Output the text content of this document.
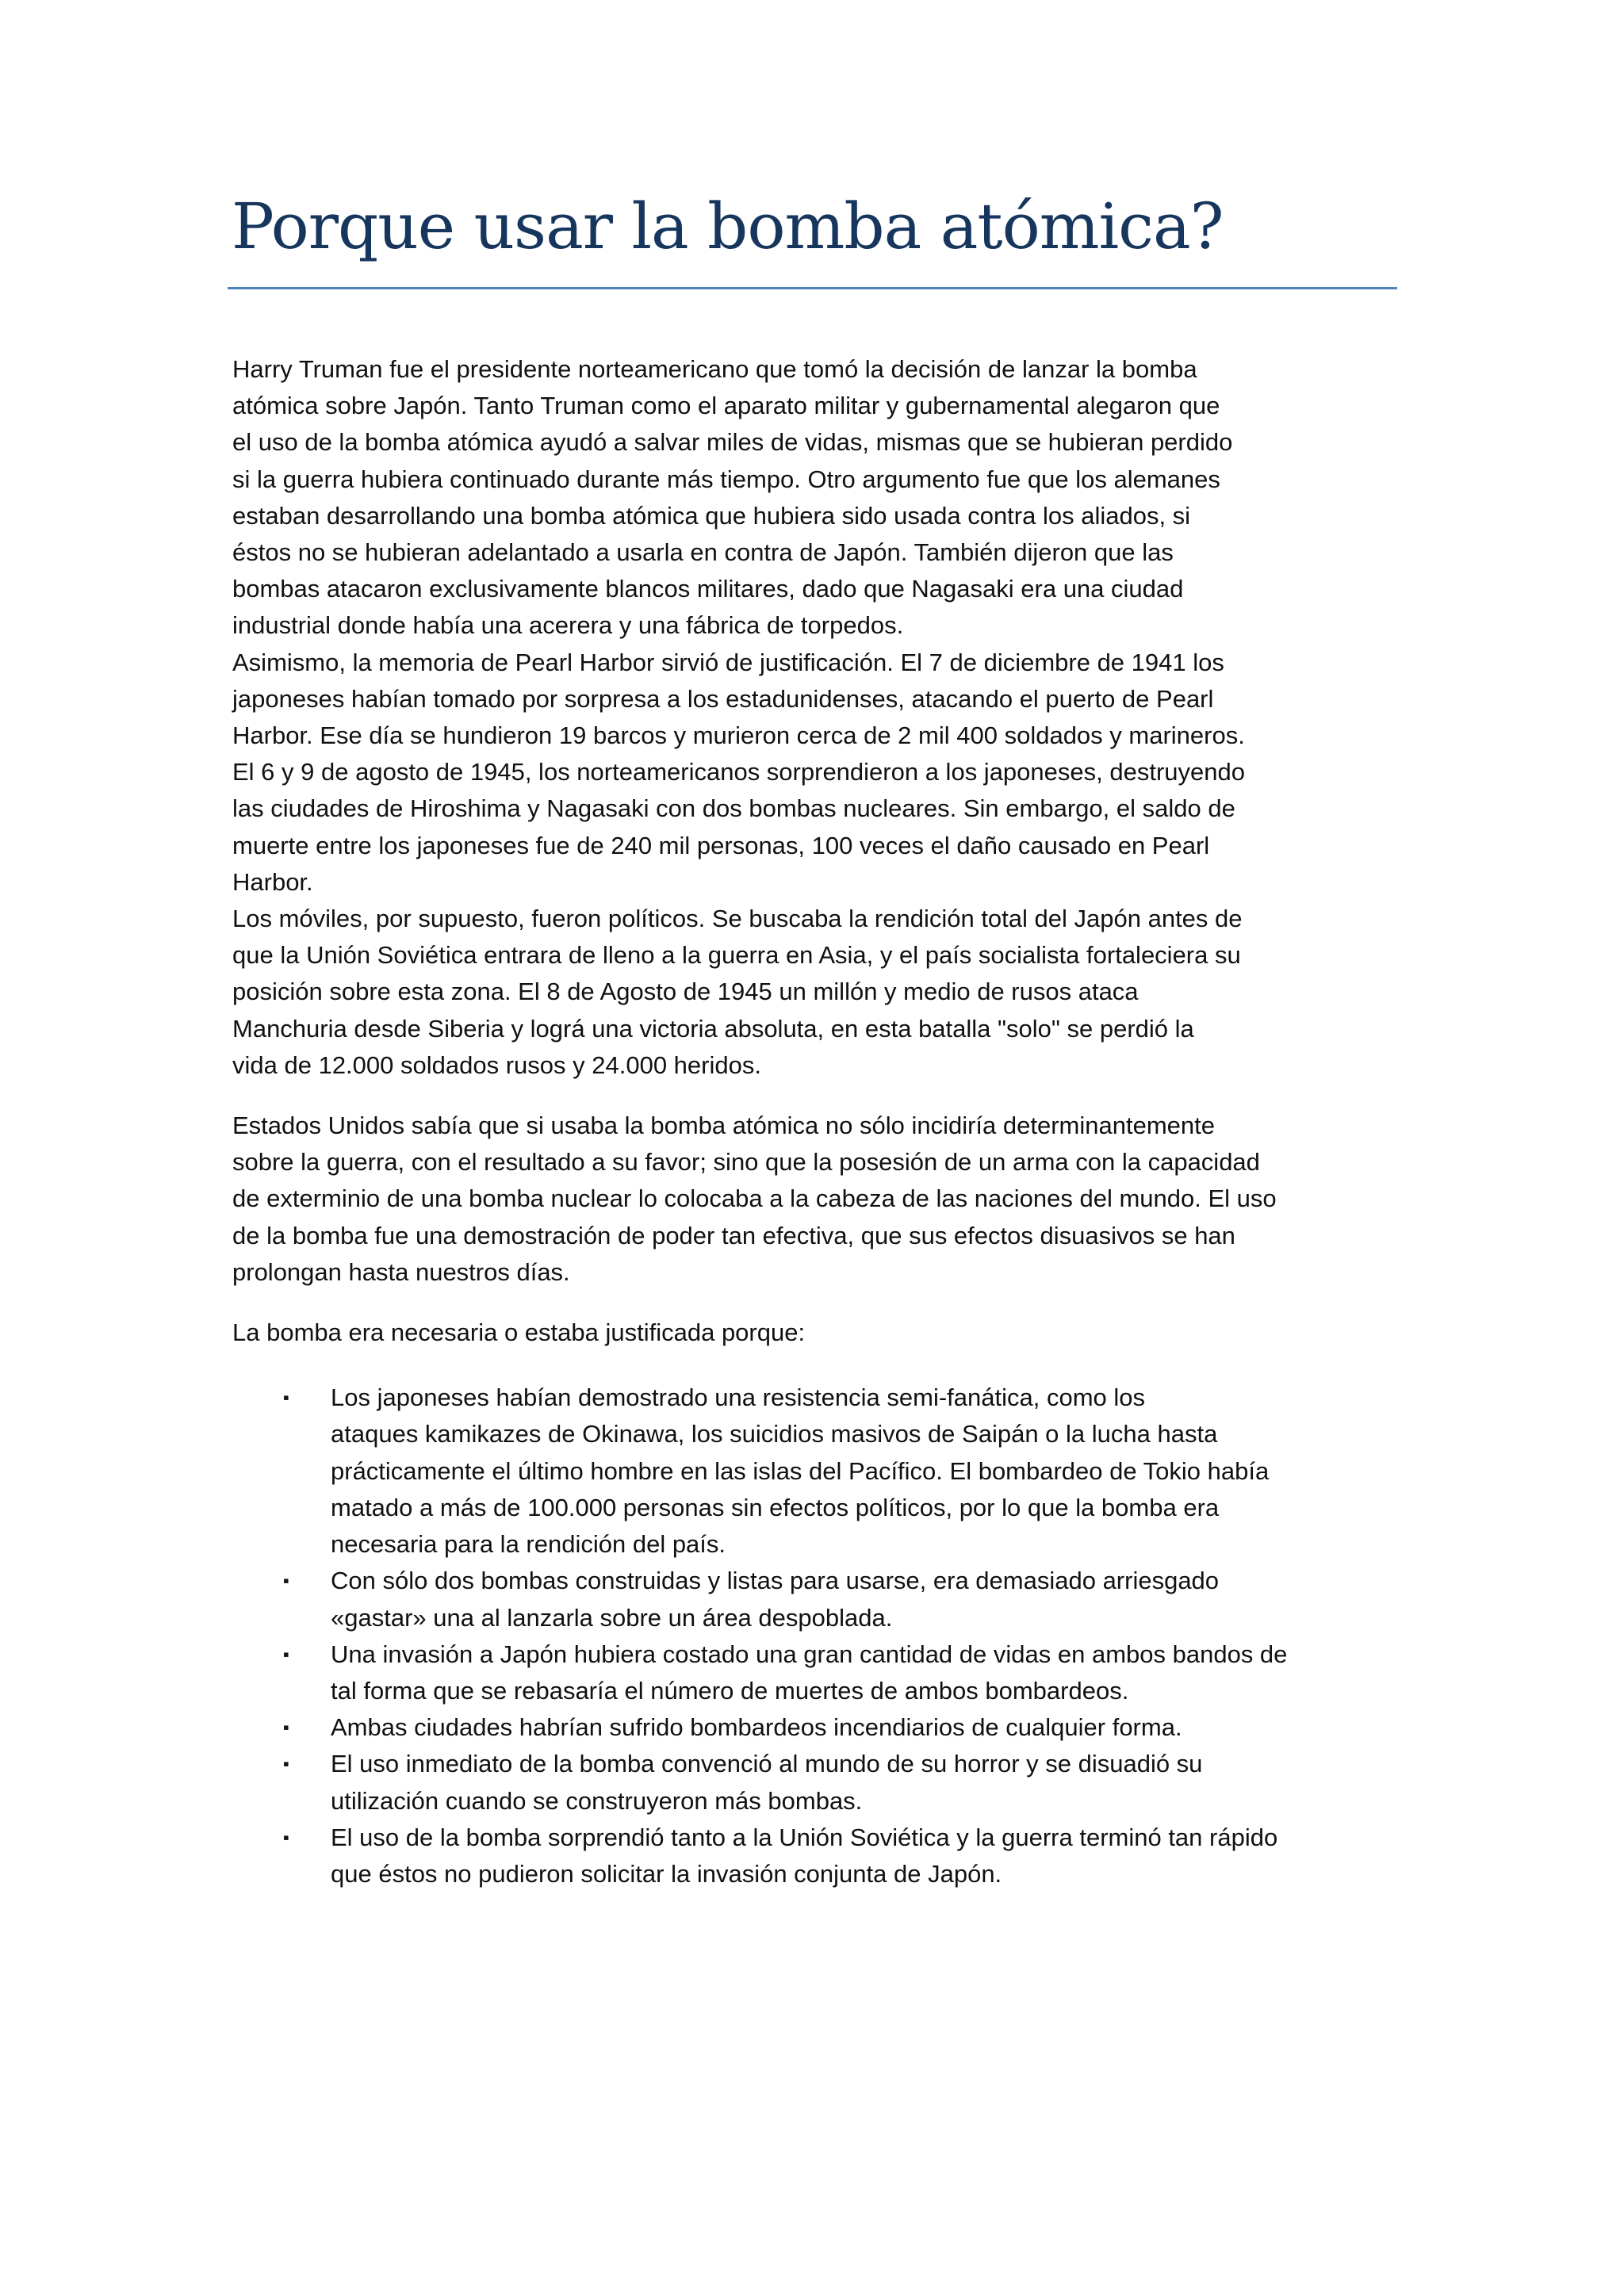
Porque usar la bomba atómica?

Harry Truman fue el presidente norteamericano que tomó la decisión de lanzar la bomba

atómica sobre Japón. Tanto Truman como el aparato militar y gubernamental alegaron que

el uso de la bomba atómica ayudó a salvar miles de vidas, mismas que se hubieran perdido

si la guerra hubiera continuado durante más tiempo. Otro argumento fue que los alemanes

estaban desarrollando una bomba atómica que hubiera sido usada contra los aliados, si

éstos no se hubieran adelantado a usarla en contra de Japón. También dijeron que las

bombas atacaron exclusivamente blancos militares, dado que Nagasaki era una ciudad

industrial donde había una acerera y una fábrica de torpedos.

Asimismo, la memoria de Pearl Harbor sirvió de justificación. El 7 de diciembre de 1941 los

japoneses habían tomado por sorpresa a los estadunidenses, atacando el puerto de Pearl

Harbor. Ese día se hundieron 19 barcos y murieron cerca de 2 mil 400 soldados y marineros.

El 6 y 9 de agosto de 1945, los norteamericanos sorprendieron a los japoneses, destruyendo

las ciudades de Hiroshima y Nagasaki con dos bombas nucleares. Sin embargo, el saldo de

muerte entre los japoneses fue de 240 mil personas, 100 veces el daño causado en Pearl

Harbor.

Los móviles, por supuesto, fueron políticos. Se buscaba la rendición total del Japón antes de

que la Unión Soviética entrara de lleno a la guerra en Asia, y el país socialista fortaleciera su

posición sobre esta zona. El 8 de Agosto de 1945 un millón y medio de rusos ataca

Manchuria desde Siberia y lográ una victoria absoluta, en esta batalla "solo" se perdió la

vida de 12.000 soldados rusos y 24.000 heridos.

Estados Unidos sabía que si usaba la bomba atómica no sólo incidiría determinantemente

sobre la guerra, con el resultado a su favor; sino que la posesión de un arma con la capacidad

de exterminio de una bomba nuclear lo colocaba a la cabeza de las naciones del mundo. El uso

de la bomba fue una demostración de poder tan efectiva, que sus efectos disuasivos se han

prolongan hasta nuestros días.

La bomba era necesaria o estaba justificada porque:

▪	Los japoneses habían demostrado una resistencia semi-fanática, como los
ataques kamikazes de Okinawa, los suicidios masivos de Saipán o la lucha hasta
prácticamente el último hombre en las islas del Pacífico. El bombardeo de Tokio había
matado a más de 100.000 personas sin efectos políticos, por lo que la bomba era
necesaria para la rendición del país.
▪	Con sólo dos bombas construidas y listas para usarse, era demasiado arriesgado
«gastar» una al lanzarla sobre un área despoblada.
▪	Una invasión a Japón hubiera costado una gran cantidad de vidas en ambos bandos de
tal forma que se rebasaría el número de muertes de ambos bombardeos.
▪	Ambas ciudades habrían sufrido bombardeos incendiarios de cualquier forma.
▪	El uso inmediato de la bomba convenció al mundo de su horror y se disuadió su
utilización cuando se construyeron más bombas.
▪	El uso de la bomba sorprendió tanto a la Unión Soviética y la guerra terminó tan rápido
que éstos no pudieron solicitar la invasión conjunta de Japón.
